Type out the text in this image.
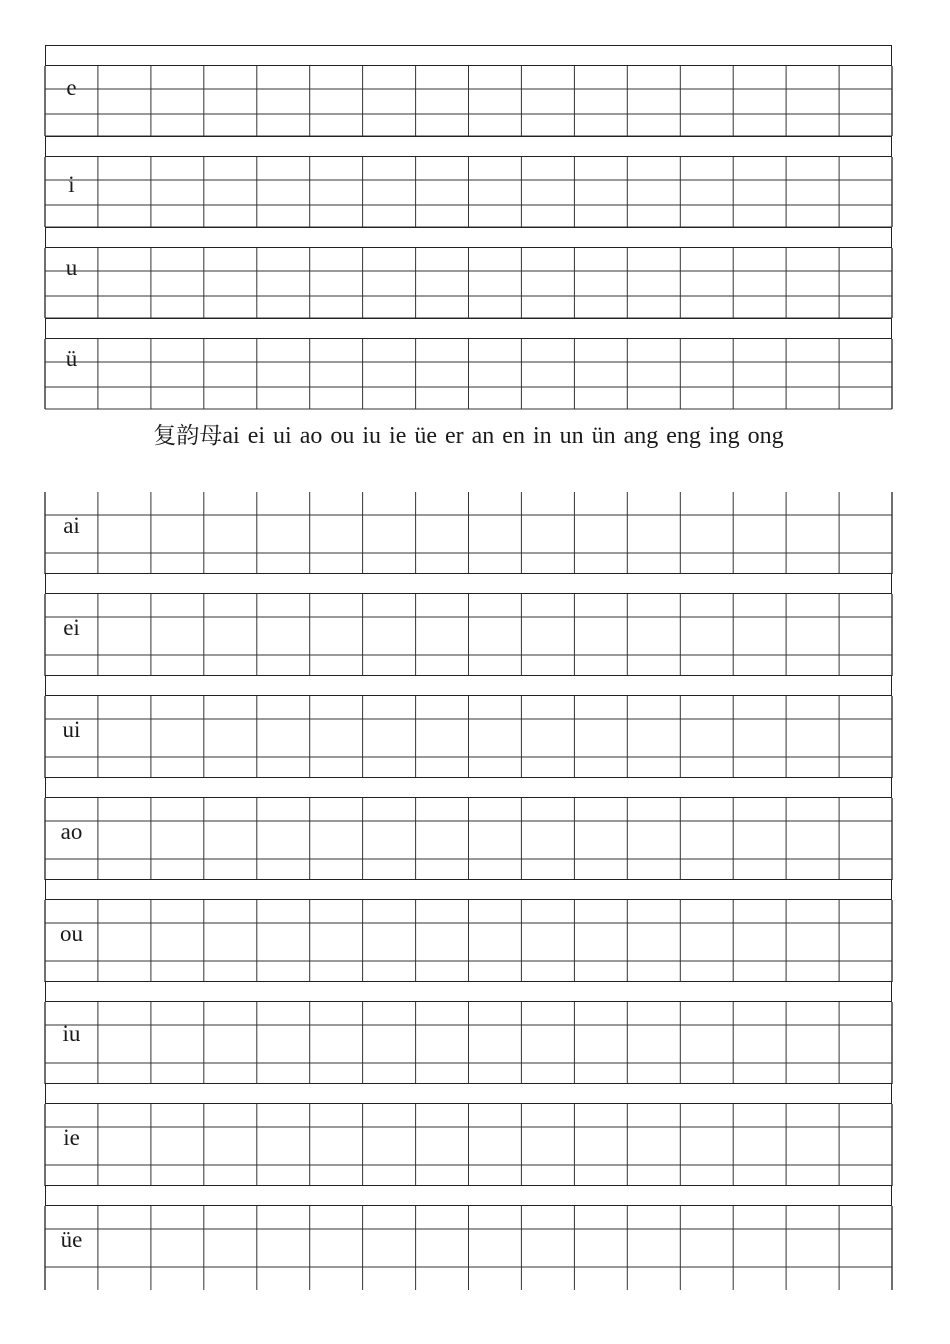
e
i
u
ü
复韵母ai ei ui ao ou iu ie üe er an en in un ün ang eng ing ong
ai
ei
ui
ao
ou
iu
ie
üe
